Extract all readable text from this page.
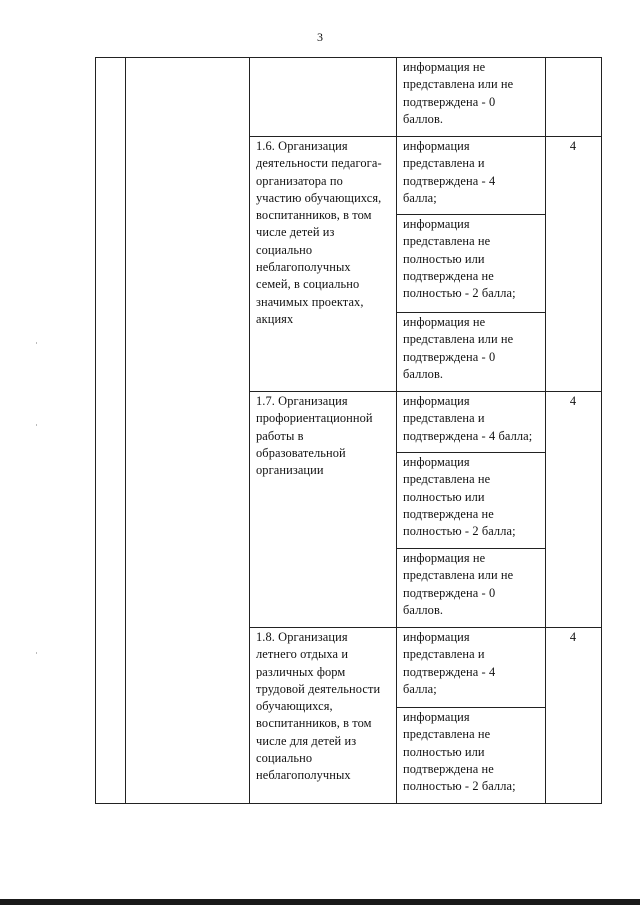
3
информация не
представлена или не
подтверждена - 0
баллов.
1.6. Организация
деятельности педагога-
организатора по
участию обучающихся,
воспитанников, в том
числе детей из
социально
неблагополучных
семей, в социально
значимых проектах,
акциях
информация
представлена и
подтверждена - 4
балла;
информация
представлена не
полностью или
подтверждена не
полностью - 2 балла;
информация не
представлена или не
подтверждена - 0
баллов.
4
1.7. Организация
профориентационной
работы в
образовательной
организации
информация
представлена и
подтверждена - 4 балла;
информация
представлена не
полностью или
подтверждена не
полностью - 2 балла;
информация не
представлена или не
подтверждена - 0
баллов.
4
1.8. Организация
летнего отдыха и
различных форм
трудовой деятельности
обучающихся,
воспитанников, в том
числе для детей из
социально
неблагополучных
информация
представлена и
подтверждена - 4
балла;
информация
представлена не
полностью или
подтверждена не
полностью - 2 балла;
4
